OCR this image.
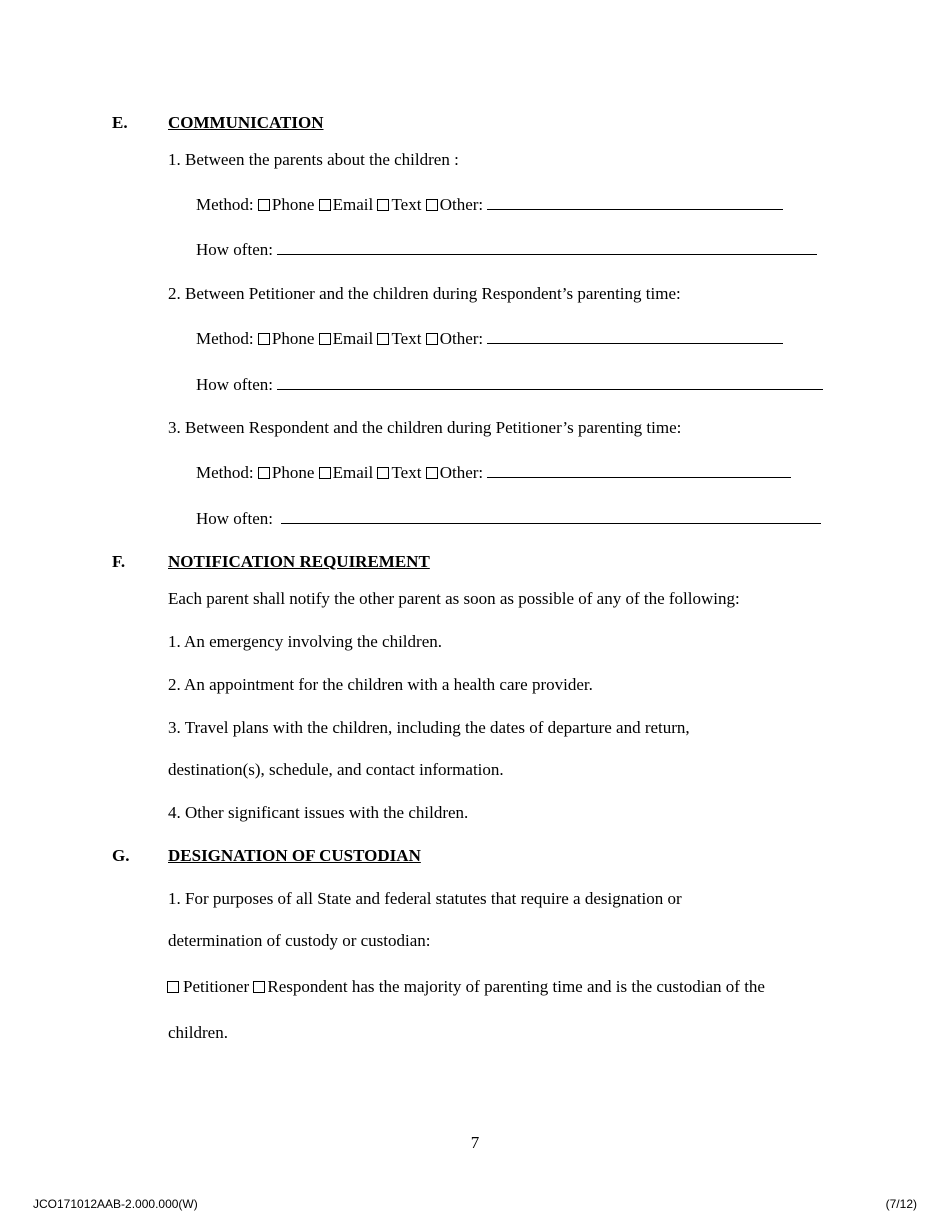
E. COMMUNICATION
1. Between the parents about the children :
Method: Phone Email Text Other:
How often:
2. Between Petitioner and the children during Respondent’s parenting time:
Method: Phone Email Text Other:
How often:
3. Between Respondent and the children during Petitioner’s parenting time:
Method: Phone Email Text Other:
How often:
F.	NOTIFICATION REQUIREMENT
Each parent shall notify the other parent as soon as possible of any of the following:
1. An emergency involving the children.
2. An appointment for the children with a health care provider.
3. Travel plans with the children, including the dates of departure and return,
destination(s), schedule, and contact information.
4. Other significant issues with the children.
G. DESIGNATION OF CUSTODIAN
1. For purposes of all State and federal statutes that require a designation or
determination of custody or custodian:
Petitioner Respondent has the majority of parenting time and is the custodian of the
children.
7
JCO171012AAB-2.000.000(W)	(7/12)
